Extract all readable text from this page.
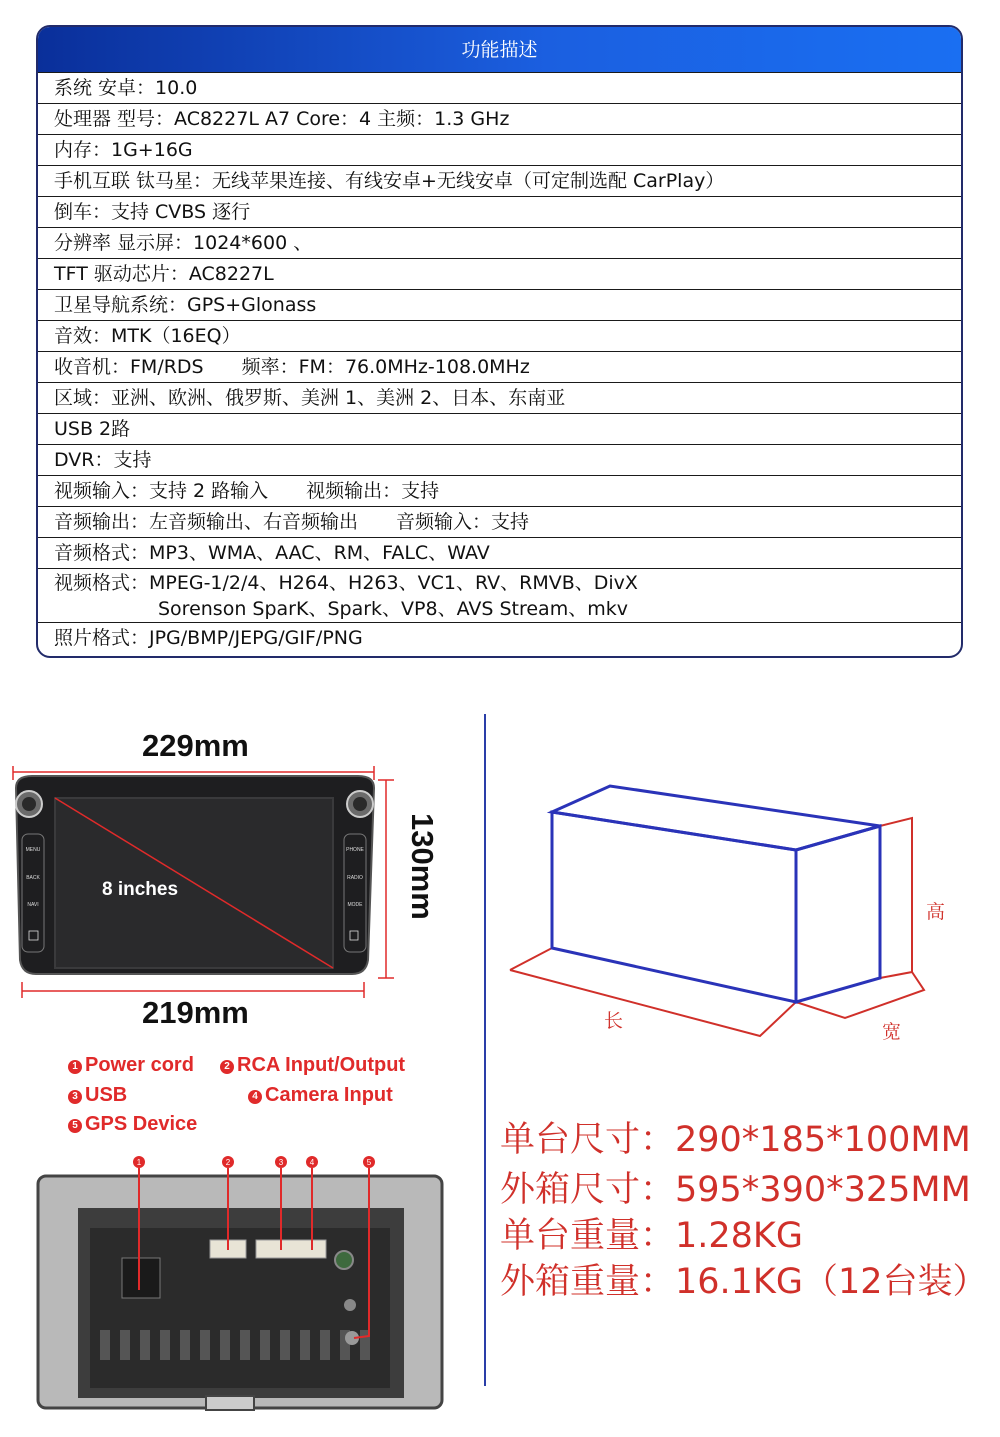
功能描述
系统 安卓：10.0
处理器 型号：AC8227L A7 Core：4 主频：1.3 GHz
内存：1G+16G
手机互联 钛马星：无线苹果连接、有线安卓+无线安卓（可定制选配 CarPlay）
倒车：支持 CVBS 逐行
分辨率 显示屏：1024*600 、
TFT 驱动芯片：AC8227L
卫星导航系统：GPS+Glonass
音效：MTK（16EQ）
收音机：FM/RDS 频率：FM：76.0MHz-108.0MHz
区域：亚洲、欧洲、俄罗斯、美洲 1、美洲 2、日本、东南亚
USB 2路
DVR：支持
视频输入：支持 2 路输入 视频输出：支持
音频输出：左音频输出、右音频输出 音频输入：支持
音频格式：MP3、WMA、AAC、RM、FALC、WAV
视频格式：MPEG-1/2/4、H264、H263、VC1、RV、RMVB、DivX
Sorenson SparK、Spark、VP8、AVS Stream、mkv
照片格式：JPG/BMP/JEPG/GIF/PNG
229mm
219mm
130mm
MENU
BACK
NAVI
PHONE
RADIO
MODE
8 inches
1 Power cord	2 RCA Input/Output
3 USB	4 Camera Input
5 GPS Device
1	2	3	4	5
高
长	宽
单台尺寸：290*185*100MM
外箱尺寸：595*390*325MM
单台重量：1.28KG
外箱重量：16.1KG（12台装）
